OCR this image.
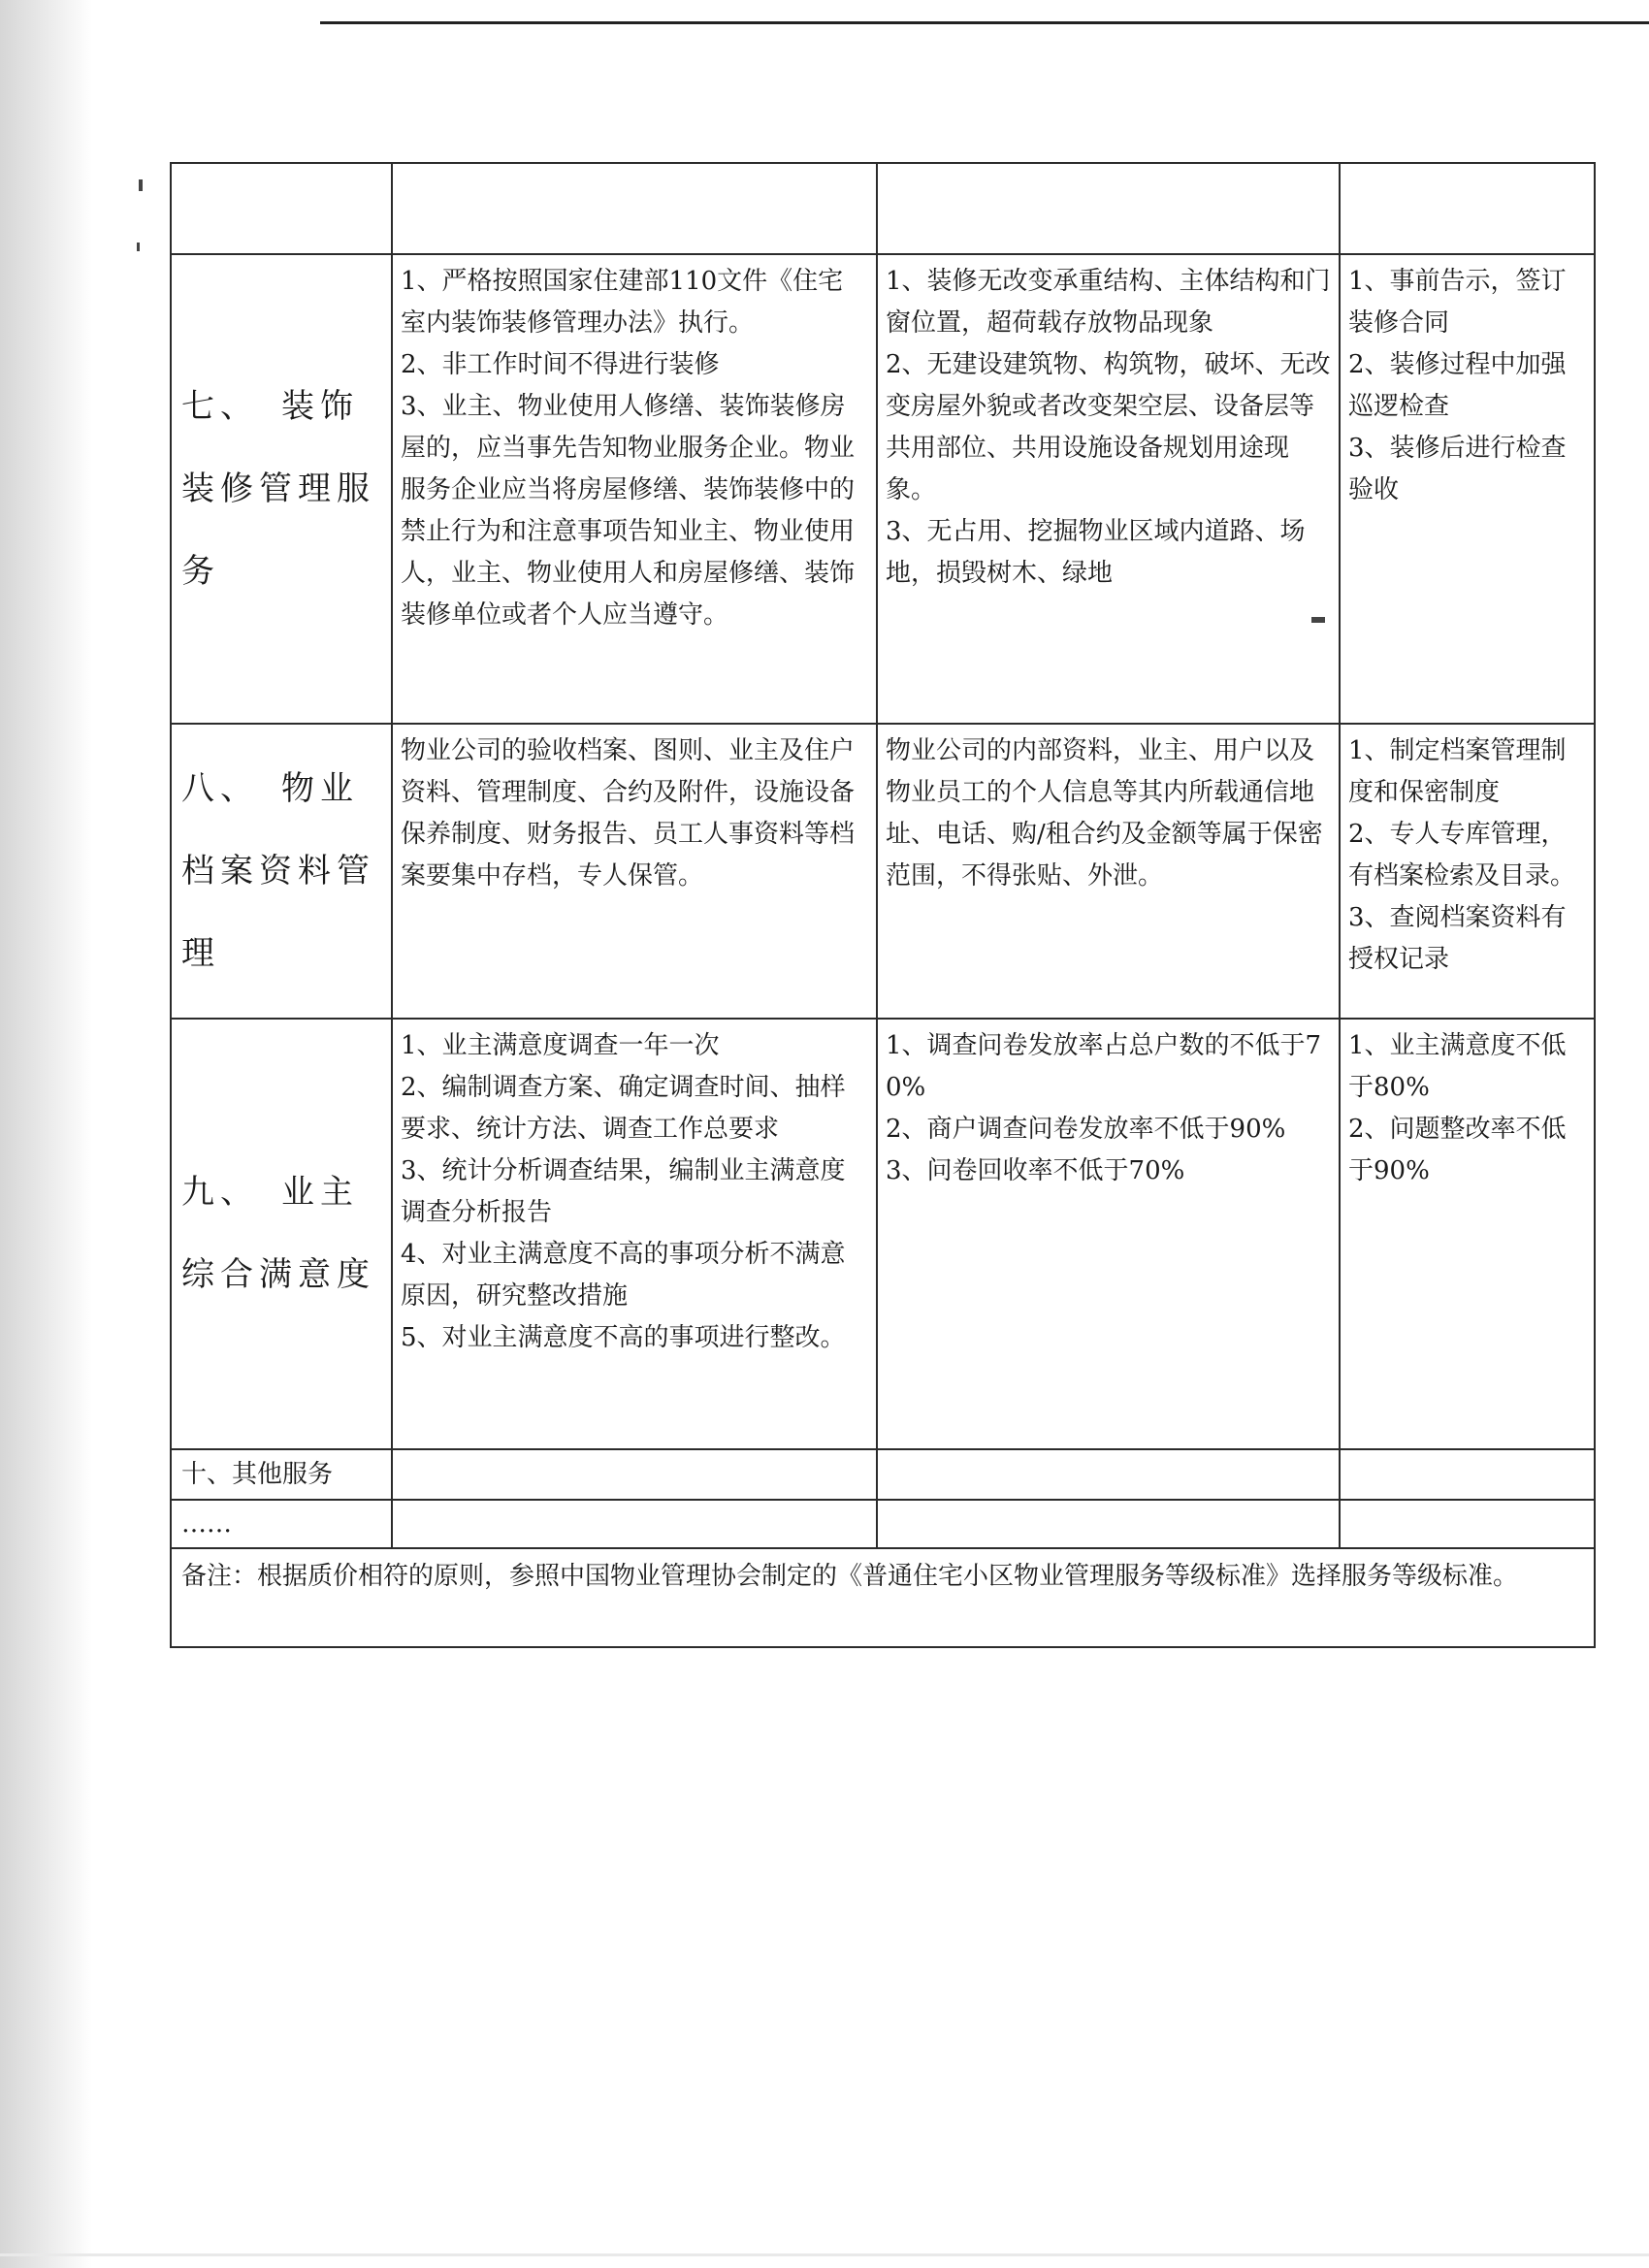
七、　装饰装修管理服务	1、严格按照国家住建部110文件《住宅室内装饰装修管理办法》执行。
2、非工作时间不得进行装修
3、业主、物业使用人修缮、装饰装修房屋的，应当事先告知物业服务企业。物业服务企业应当将房屋修缮、装饰装修中的禁止行为和注意事项告知业主、物业使用人，业主、物业使用人和房屋修缮、装饰装修单位或者个人应当遵守。	1、装修无改变承重结构、主体结构和门窗位置，超荷载存放物品现象
2、无建设建筑物、构筑物，破坏、无改变房屋外貌或者改变架空层、设备层等共用部位、共用设施设备规划用途现象。
3、无占用、挖掘物业区域内道路、场地，损毁树木、绿地	1、事前告示，签订装修合同
2、装修过程中加强巡逻检查
3、装修后进行检查验收
八、　物业档案资料管理	物业公司的验收档案、图则、业主及住户资料、管理制度、合约及附件，设施设备保养制度、财务报告、员工人事资料等档案要集中存档，专人保管。	物业公司的内部资料，业主、用户以及物业员工的个人信息等其内所载通信地址、电话、购/租合约及金额等属于保密范围，不得张贴、外泄。	1、制定档案管理制度和保密制度
2、专人专库管理，有档案检索及目录。
3、查阅档案资料有授权记录
九、　业主综合满意度	1、业主满意度调查一年一次
2、编制调查方案、确定调查时间、抽样要求、统计方法、调查工作总要求
3、统计分析调查结果，编制业主满意度调查分析报告
4、对业主满意度不高的事项分析不满意原因，研究整改措施
5、对业主满意度不高的事项进行整改。	1、调查问卷发放率占总户数的不低于70%
2、商户调查问卷发放率不低于90%
3、问卷回收率不低于70%	1、业主满意度不低于80%
2、问题整改率不低于90%
十、其他服务			
……			
备注：根据质价相符的原则，参照中国物业管理协会制定的《普通住宅小区物业管理服务等级标准》选择服务等级标准。			
